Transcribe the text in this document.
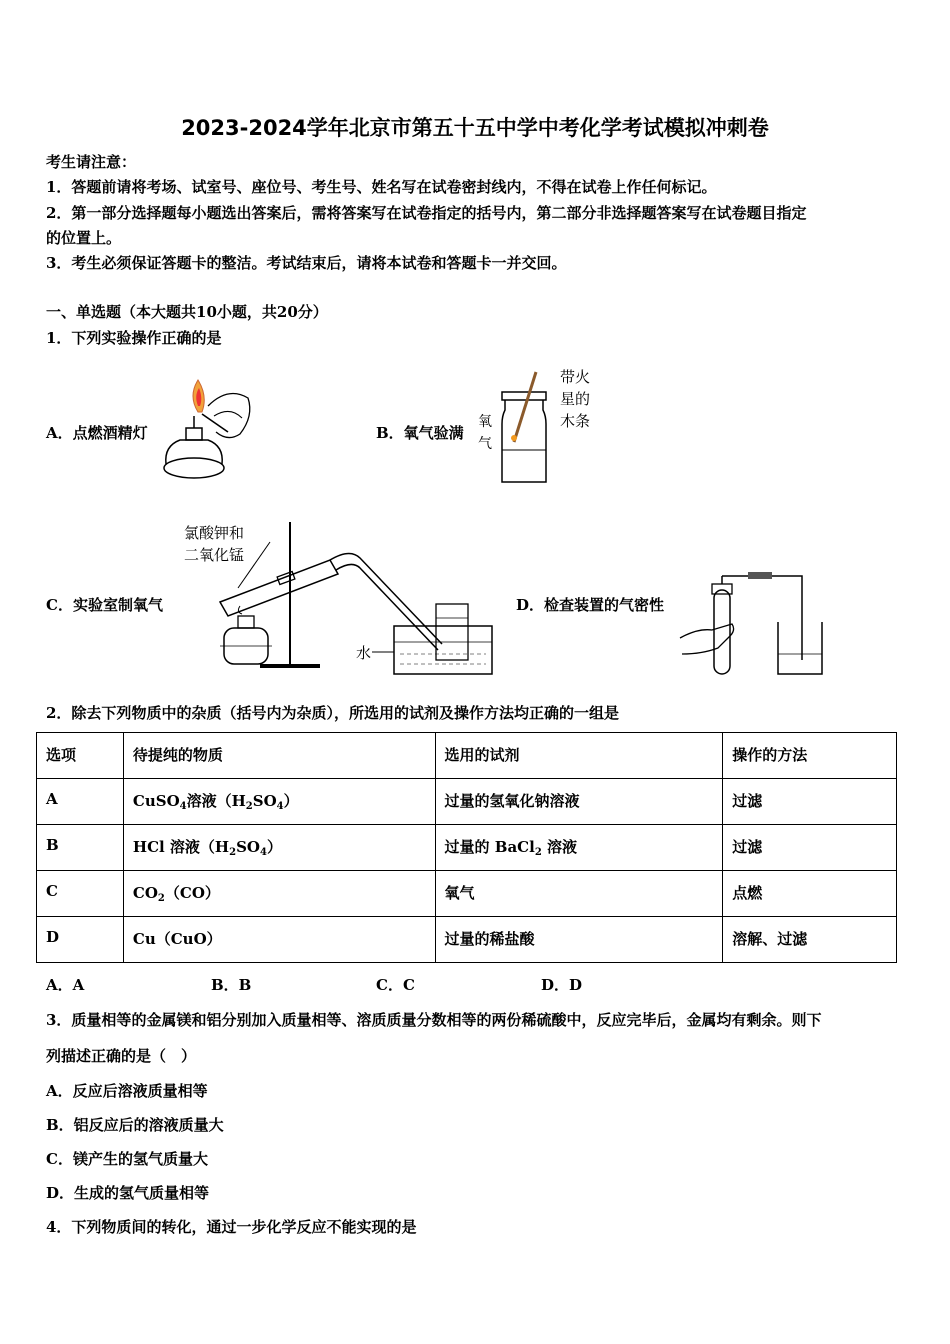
2023-2024学年北京市第五十五中学中考化学考试模拟冲刺卷
考生请注意：
1．答题前请将考场、试室号、座位号、考生号、姓名写在试卷密封线内，不得在试卷上作任何标记。
2．第一部分选择题每小题选出答案后，需将答案写在试卷指定的括号内，第二部分非选择题答案写在试卷题目指定
的位置上。
3．考生必须保证答题卡的整洁。考试结束后，请将本试卷和答题卡一并交回。
一、单选题（本大题共10小题，共20分）
1．下列实验操作正确的是
A．点燃酒精灯	B．氧气验满
氧
气
带火
星的
木条
C．实验室制氧气
氯酸钾和
二氧化锰
水
D．检查装置的气密性
2．除去下列物质中的杂质（括号内为杂质），所选用的试剂及操作方法均正确的一组是
选项	待提纯的物质	选用的试剂	操作的方法
A	CuSO$_4$溶液$(H_2SO_4)$	过量的氢氧化钠溶液	过滤
B	HCl 溶液$(H_2SO_4)$	过量的 BaCl$_2$ 溶液	过滤
C	$CO_2(CO)$	氧气	点燃
D	Cu（CuO）	过量的稀盐酸	溶解、过滤
A．A	B．B	C．C	D．D
3．质量相等的金属镁和铝分别加入质量相等、溶质质量分数相等的两份稀硫酸中，反应完毕后，金属均有剩余。则下
列描述正确的是（　）
A．反应后溶液质量相等
B．铝反应后的溶液质量大
C．镁产生的氢气质量大
D．生成的氢气质量相等
4．下列物质间的转化，通过一步化学反应不能实现的是
